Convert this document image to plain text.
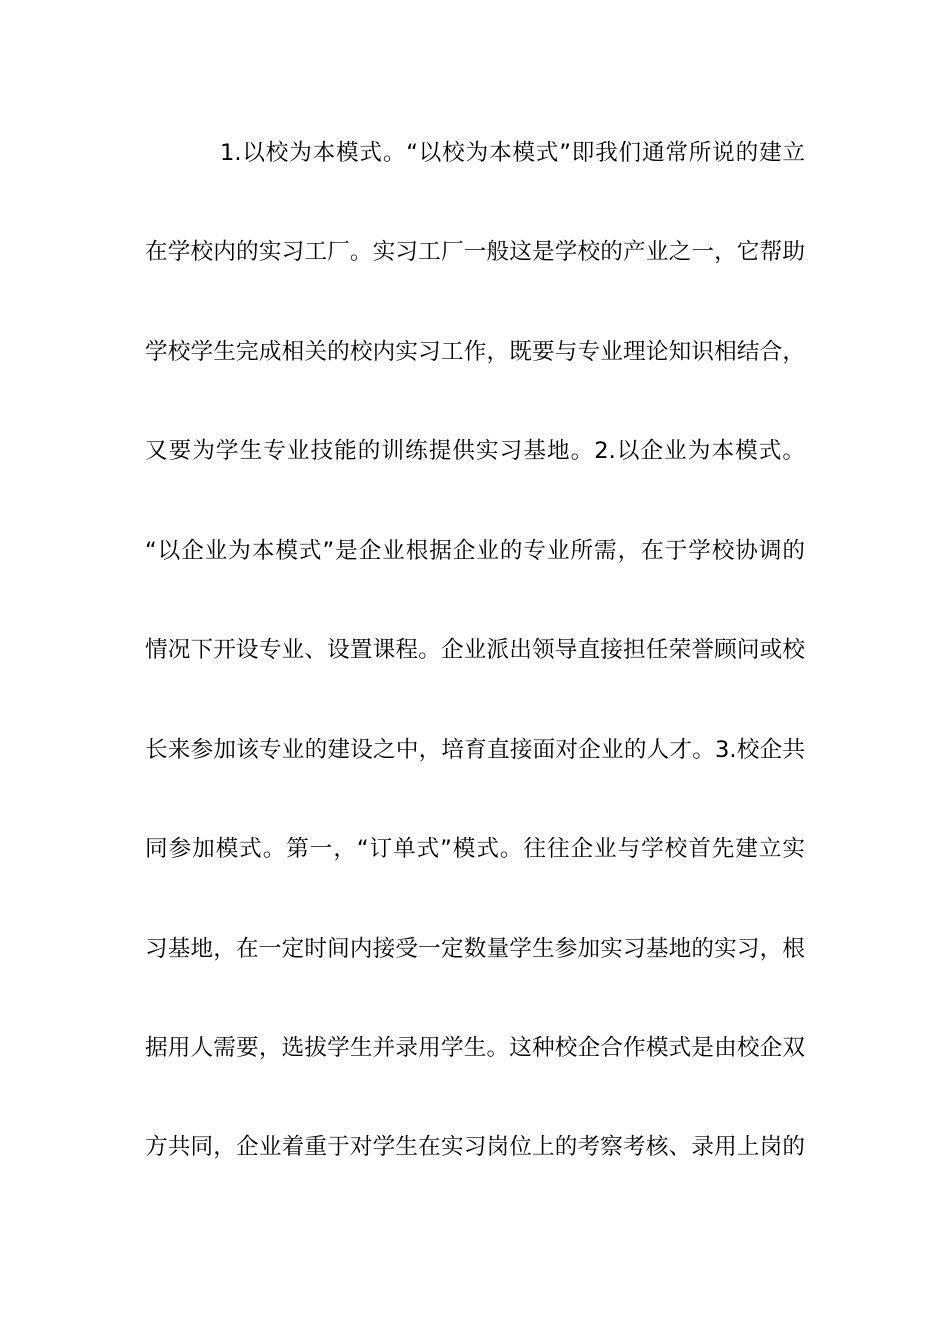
1.以校为本模式。“以校为本模式”即我们通常所说的建立
在学校内的实习工厂。实习工厂一般这是学校的产业之一，它帮助
学校学生完成相关的校内实习工作，既要与专业理论知识相结合，
又要为学生专业技能的训练提供实习基地。2.以企业为本模式。
“以企业为本模式”是企业根据企业的专业所需，在于学校协调的
情况下开设专业、设置课程。企业派出领导直接担任荣誉顾问或校
长来参加该专业的建设之中，培育直接面对企业的人才。3.校企共
同参加模式。第一，“订单式”模式。往往企业与学校首先建立实
习基地，在一定时间内接受一定数量学生参加实习基地的实习，根
据用人需要，选拔学生并录用学生。这种校企合作模式是由校企双
方共同，企业着重于对学生在实习岗位上的考察考核、录用上岗的
